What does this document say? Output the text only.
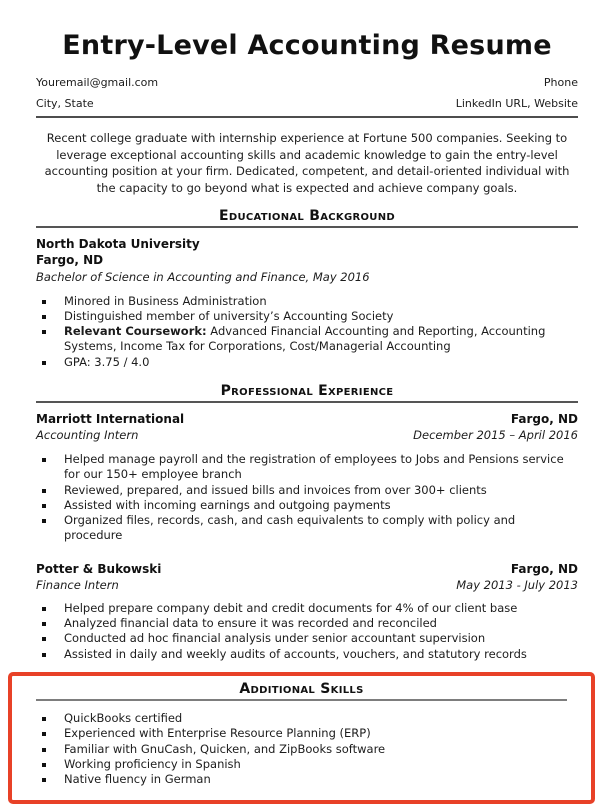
Entry-Level Accounting Resume
Youremail@gmail.com	Phone
City, State	LinkedIn URL, Website

Recent college graduate with internship experience at Fortune 500 companies. Seeking to leverage exceptional accounting skills and academic knowledge to gain the entry-level accounting position at your firm. Dedicated, competent, and detail-oriented individual with the capacity to go beyond what is expected and achieve company goals.

Educational Background
North Dakota University
Fargo, ND
Bachelor of Science in Accounting and Finance, May 2016
Minored in Business Administration
Distinguished member of university’s Accounting Society
Relevant Coursework: Advanced Financial Accounting and Reporting, Accounting Systems, Income Tax for Corporations, Cost/Managerial Accounting
GPA: 3.75 / 4.0
Professional Experience
Marriott International	Fargo, ND
Accounting Intern	December 2015 – April 2016
Helped manage payroll and the registration of employees to Jobs and Pensions service for our 150+ employee branch
Reviewed, prepared, and issued bills and invoices from over 300+ clients
Assisted with incoming earnings and outgoing payments
Organized files, records, cash, and cash equivalents to comply with policy and procedure
Potter & Bukowski	Fargo, ND
Finance Intern	May 2013 - July 2013
Helped prepare company debit and credit documents for 4% of our client base
Analyzed financial data to ensure it was recorded and reconciled
Conducted ad hoc financial analysis under senior accountant supervision
Assisted in daily and weekly audits of accounts, vouchers, and statutory records
Additional Skills
QuickBooks certified
Experienced with Enterprise Resource Planning (ERP)
Familiar with GnuCash, Quicken, and ZipBooks software
Working proficiency in Spanish
Native fluency in German
